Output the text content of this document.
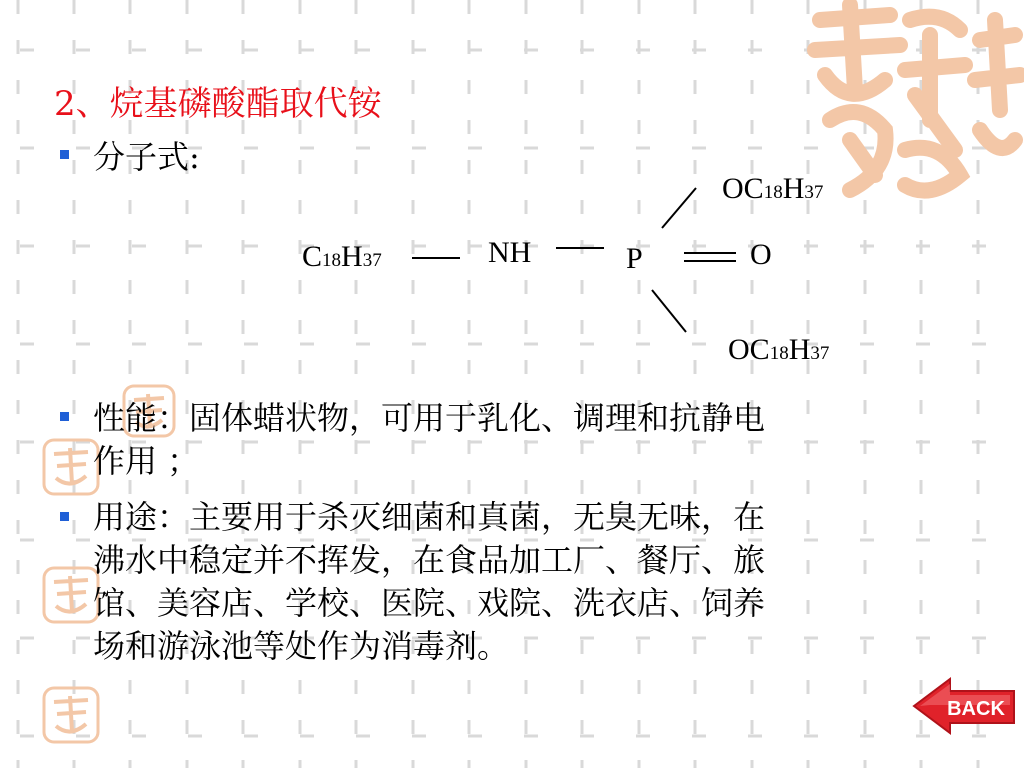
2、烷基磷酸酯取代铵
分子式:
C18H37	NH	P	O
OC18H37
OC18H37
性能：固体蜡状物，可用于乳化、调理和抗静电
作用 ；
用途：主要用于杀灭细菌和真菌，无臭无味，在
沸水中稳定并不挥发，在食品加工厂、餐厅、旅
馆、美容店、学校、医院、戏院、洗衣店、饲养
场和游泳池等处作为消毒剂。
BACK
